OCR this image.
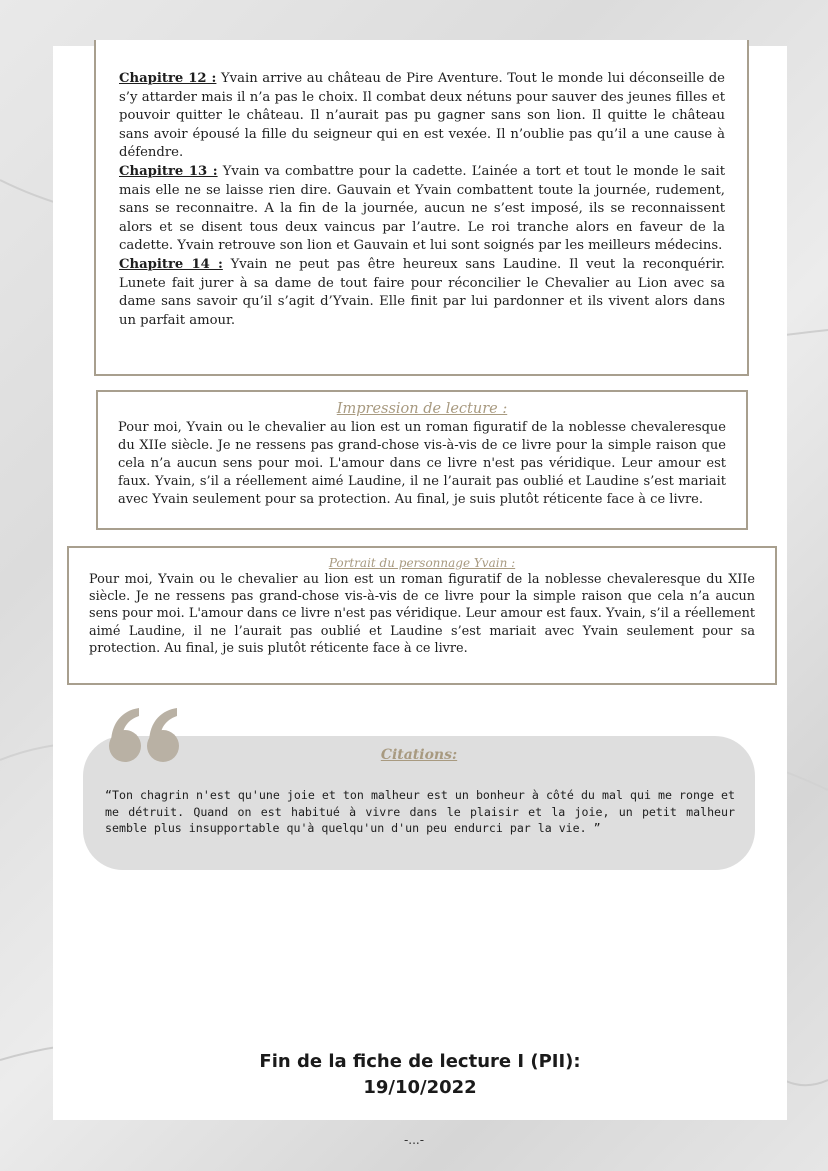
Chapitre 12 : Yvain arrive au château de Pire Aventure. Tout le monde lui déconseille de s’y attarder mais il n’a pas le choix. Il combat deux nétuns pour sauver des jeunes filles et pouvoir quitter le château. Il n’aurait pas pu gagner sans son lion. Il quitte le château sans avoir épousé la fille du seigneur qui en est vexée. Il n’oublie pas qu’il a une cause à défendre.

Chapitre 13 : Yvain va combattre pour la cadette. L’ainée a tort et tout le monde le sait mais elle ne se laisse rien dire. Gauvain et Yvain combattent toute la journée, rudement, sans se reconnaitre. A la fin de la journée, aucun ne s’est imposé, ils se reconnaissent alors et se disent tous deux vaincus par l’autre. Le roi tranche alors en faveur de la cadette. Yvain retrouve son lion et Gauvain et lui sont soignés par les meilleurs médecins.

Chapitre 14 : Yvain ne peut pas être heureux sans Laudine. Il veut la reconquérir. Lunete fait jurer à sa dame de tout faire pour réconcilier le Chevalier au Lion avec sa dame sans savoir qu’il s’agit d’Yvain. Elle finit par lui pardonner et ils vivent alors dans un parfait amour.

Impression de lecture :

Pour moi, Yvain ou le chevalier au lion est un roman figuratif de la noblesse chevaleresque du XIIe siècle. Je ne ressens pas grand-chose vis-à-vis de ce livre pour la simple raison que cela n’a aucun sens pour moi. L'amour dans ce livre n'est pas véridique. Leur amour est faux. Yvain, s’il a réellement aimé Laudine, il ne l’aurait pas oublié et Laudine s’est mariait avec Yvain seulement pour sa protection. Au final, je suis plutôt réticente face à ce livre.

Portrait du personnage Yvain :

Pour moi, Yvain ou le chevalier au lion est un roman figuratif de la noblesse chevaleresque du XIIe siècle. Je ne ressens pas grand-chose vis-à-vis de ce livre pour la simple raison que cela n’a aucun sens pour moi. L'amour dans ce livre n'est pas véridique. Leur amour est faux. Yvain, s’il a réellement aimé Laudine, il ne l’aurait pas oublié et Laudine s’est mariait avec Yvain seulement pour sa protection. Au final, je suis plutôt réticente face à ce livre.

Citations:
“Ton chagrin n'est qu'une joie et ton malheur est un bonheur à côté du mal qui me ronge et me détruit. Quand on est habitué à vivre dans le plaisir et la joie, un petit malheur semble plus insupportable qu'à quelqu'un d'un peu endurci par la vie. ”
Fin de la fiche de lecture I (PII):
19/10/2022
-...-
